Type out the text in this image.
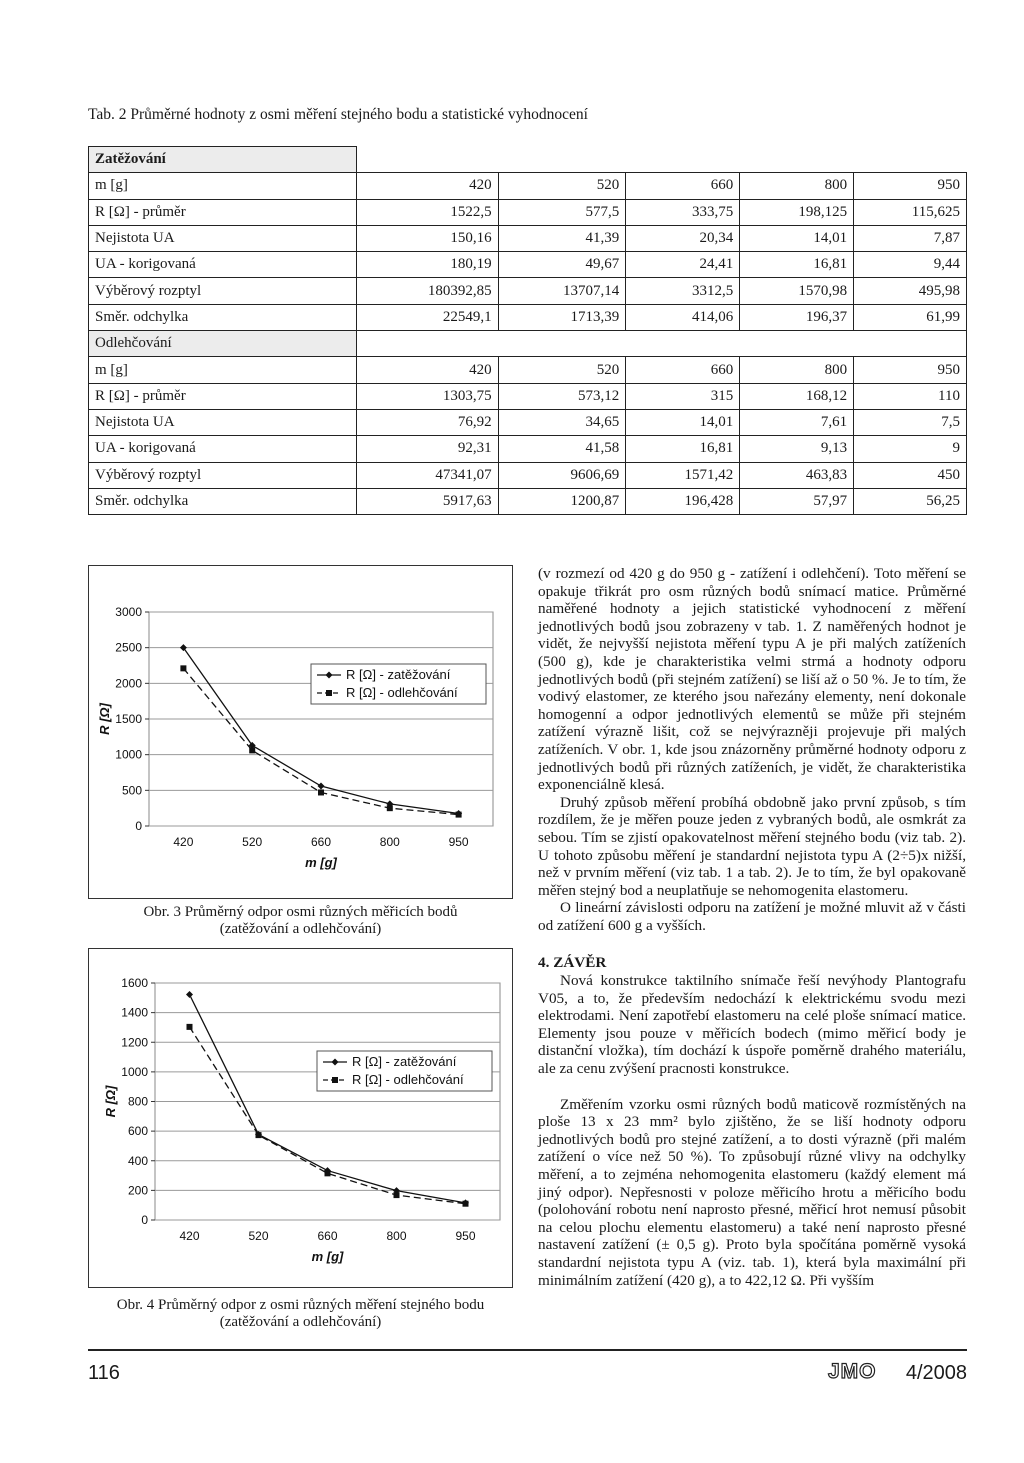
Tab. 2 Průměrné hodnoty z osmi měření stejného bodu a statistické vyhodnocení
Zatěžování					
m [g]	420	520	660	800	950
R [Ω] - průměr	1522,5	577,5	333,75	198,125	115,625
Nejistota UA	150,16	41,39	20,34	14,01	7,87
UA - korigovaná	180,19	49,67	24,41	16,81	9,44
Výběrový rozptyl	180392,85	13707,14	3312,5	1570,98	495,98
Směr. odchylka	22549,1	1713,39	414,06	196,37	61,99
Odlehčování					
m [g]	420	520	660	800	950
R [Ω] - průměr	1303,75	573,12	315	168,12	110
Nejistota UA	76,92	34,65	14,01	7,61	7,5
UA - korigovaná	92,31	41,58	16,81	9,13	9
Výběrový rozptyl	47341,07	9606,69	1571,42	463,83	450
Směr. odchylka	5917,63	1200,87	196,428	57,97	56,25
0
500
1000
1500
2000
2500
3000
420	520	660	800	950
m [g]
R [Ω]
R [Ω] - zatěžování
R [Ω] - odlehčování
Obr. 3 Průměrný odpor osmi různých měřicích bodů
(zatěžování a odlehčování)
0
200
400
600
800
1000
1200
1400
1600
420	520	660	800	950
m [g]
R [Ω]
R [Ω] - zatěžování
R [Ω] - odlehčování
Obr. 4 Průměrný odpor z osmi různých měření stejného bodu
(zatěžování a odlehčování)

(v rozmezí od 420 g do 950 g - zatížení i odlehčení). Toto měření se opakuje třikrát pro osm různých bodů snímací matice. Průměrné naměřené hodnoty a jejich statistické vyhodnocení z měření jednotlivých bodů jsou zobrazeny v tab. 1. Z naměřených hodnot je vidět, že nejvyšší nejistota měření typu A je při malých zatíženích (500 g), kde je charakteristika velmi strmá a hodnoty odporu jednotlivých bodů (při stejném zatížení) se liší až o 50 %. Je to tím, že vodivý elastomer, ze kterého jsou nařezány elementy, není dokonale homogenní a odpor jednotlivých elementů se může při stejném zatížení výrazně lišit, což se nejvýrazněji projevuje při malých zatíženích. V obr. 1, kde jsou znázorněny průměrné hodnoty odporu z jednotlivých bodů při různých zatíženích, je vidět, že charakteristika exponenciálně klesá.

Druhý způsob měření probíhá obdobně jako první způsob, s tím rozdílem, že je měřen pouze jeden z vybraných bodů, ale osmkrát za sebou. Tím se zjistí opakovatelnost měření stejného bodu (viz tab. 2). U tohoto způsobu měření je standardní nejistota typu A (2÷5)x nižší, než v prvním měření (viz tab. 1 a tab. 2). Je to tím, že byl opakovaně měřen stejný bod a neuplatňuje se nehomogenita elastomeru.

O lineární závislosti odporu na zatížení je možné mluvit až v části od zatížení 600 g a vyšších.

4. ZÁVĚR

Nová konstrukce taktilního snímače řeší nevýhody Plantografu V05, a to, že především nedochází k elektrickému svodu mezi elektrodami. Není zapotřebí elastomeru na celé ploše snímací matice. Elementy jsou pouze v měřicích bodech (mimo měřicí body je distanční vložka), tím dochází k úspoře poměrně drahého materiálu, ale za cenu zvýšení pracnosti konstrukce.

Změřením vzorku osmi různých bodů maticově rozmístěných na ploše 13 x 23 mm² bylo zjištěno, že se liší hodnoty odporu jednotlivých bodů pro stejné zatížení, a to dosti výrazně (při malém zatížení o více než 50 %). To způsobují různé vlivy na odchylky měření, a to zejména nehomogenita elastomeru (každý element má jiný odpor). Nepřesnosti v poloze měřicího hrotu a měřicího bodu (polohování robotu není naprosto přesné, měřicí hrot nemusí působit na celou plochu elementu elastomeru) a také není naprosto přesné nastavení zatížení (± 0,5 g). Proto byla spočítána poměrně vysoká standardní nejistota typu A (viz. tab. 1), která byla maximální při minimálním zatížení (420 g), a to 422,12 Ω. Při vyšším

116	JMO 4/2008
